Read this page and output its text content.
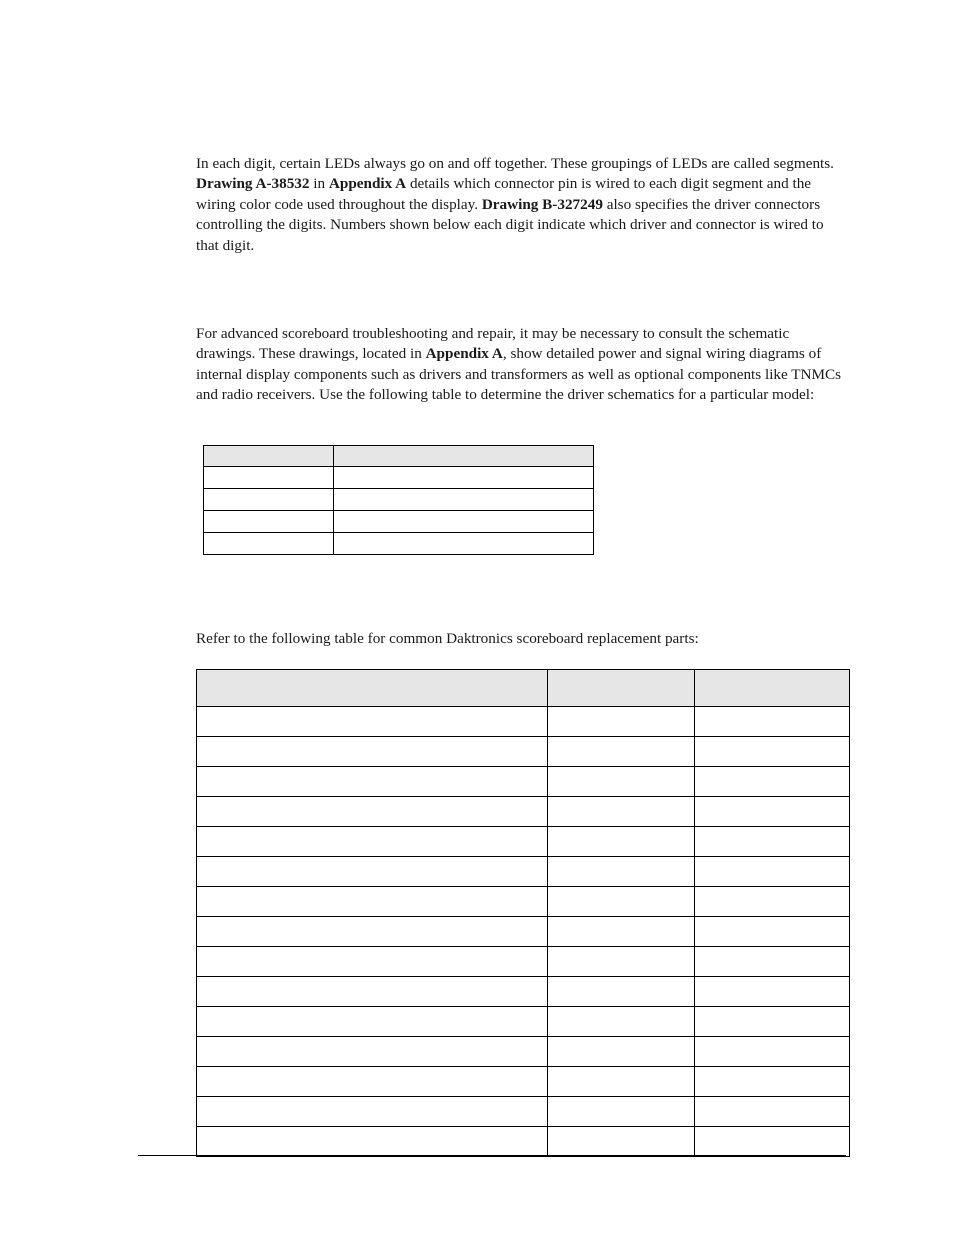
In each digit, certain LEDs always go on and off together. These groupings of LEDs are called segments. Drawing A-38532 in Appendix A details which connector pin is wired to each digit segment and the wiring color code used throughout the display. Drawing B-327249 also specifies the driver connectors controlling the digits. Numbers shown below each digit indicate which driver and connector is wired to that digit.

For advanced scoreboard troubleshooting and repair, it may be necessary to consult the schematic drawings. These drawings, located in Appendix A, show detailed power and signal wiring diagrams of internal display components such as drivers and transformers as well as optional components like TNMCs and radio receivers. Use the following table to determine the driver schematics for a particular model:

Refer to the following table for common Daktronics scoreboard replacement parts:
